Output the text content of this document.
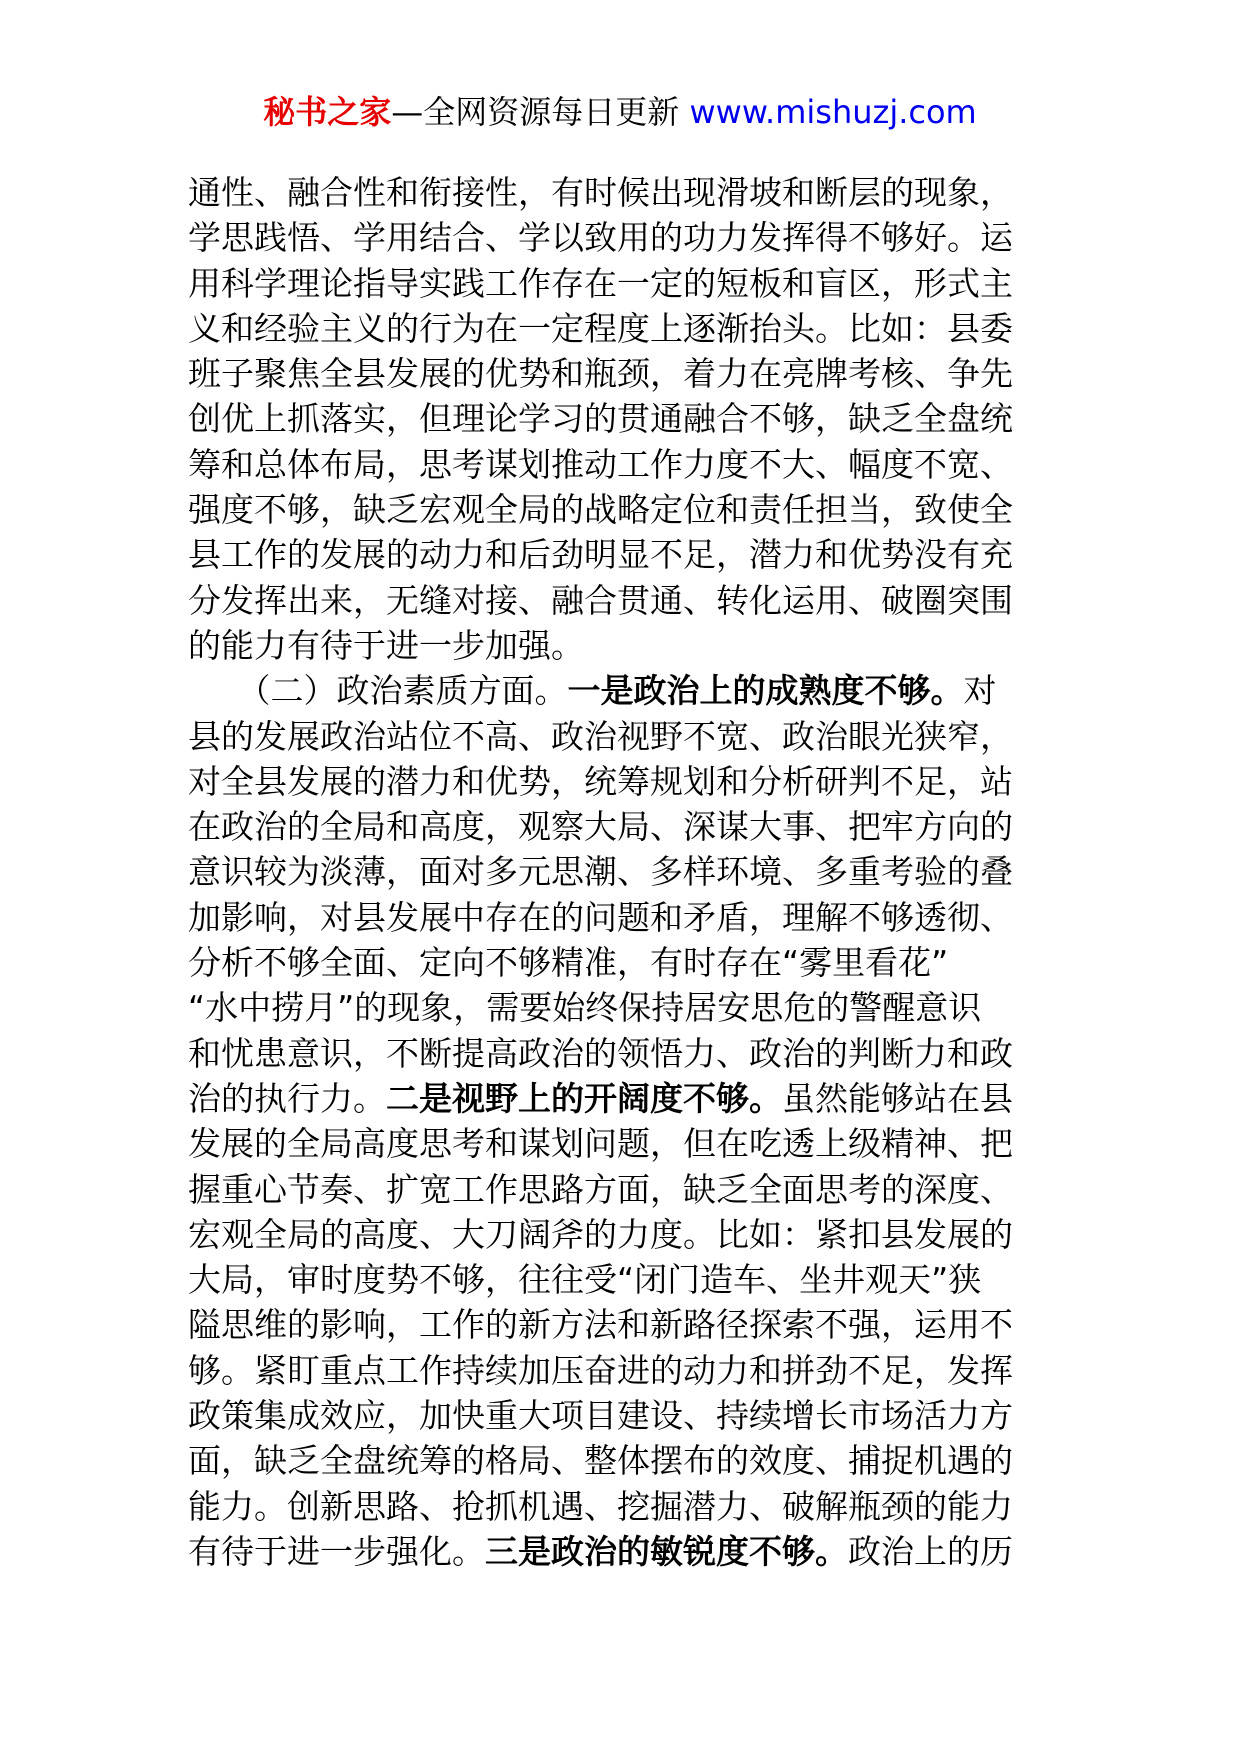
秘书之家—全网资源每日更新 www.mishuzj.com
通性、融合性和衔接性，有时候出现滑坡和断层的现象，
学思践悟、学用结合、学以致用的功力发挥得不够好。运
用科学理论指导实践工作存在一定的短板和盲区，形式主
义和经验主义的行为在一定程度上逐渐抬头。比如：县委
班子聚焦全县发展的优势和瓶颈，着力在亮牌考核、争先
创优上抓落实，但理论学习的贯通融合不够，缺乏全盘统
筹和总体布局，思考谋划推动工作力度不大、幅度不宽、
强度不够，缺乏宏观全局的战略定位和责任担当，致使全
县工作的发展的动力和后劲明显不足，潜力和优势没有充
分发挥出来，无缝对接、融合贯通、转化运用、破圈突围
的能力有待于进一步加强。
　　（二）政治素质方面。一是政治上的成熟度不够。对
县的发展政治站位不高、政治视野不宽、政治眼光狭窄，
对全县发展的潜力和优势，统筹规划和分析研判不足，站
在政治的全局和高度，观察大局、深谋大事、把牢方向的
意识较为淡薄，面对多元思潮、多样环境、多重考验的叠
加影响，对县发展中存在的问题和矛盾，理解不够透彻、
分析不够全面、定向不够精准，有时存在“雾里看花”
“水中捞月”的现象，需要始终保持居安思危的警醒意识
和忧患意识，不断提高政治的领悟力、政治的判断力和政
治的执行力。二是视野上的开阔度不够。虽然能够站在县
发展的全局高度思考和谋划问题，但在吃透上级精神、把
握重心节奏、扩宽工作思路方面，缺乏全面思考的深度、
宏观全局的高度、大刀阔斧的力度。比如：紧扣县发展的
大局，审时度势不够，往往受“闭门造车、坐井观天”狭
隘思维的影响，工作的新方法和新路径探索不强，运用不
够。紧盯重点工作持续加压奋进的动力和拼劲不足，发挥
政策集成效应，加快重大项目建设、持续增长市场活力方
面，缺乏全盘统筹的格局、整体摆布的效度、捕捉机遇的
能力。创新思路、抢抓机遇、挖掘潜力、破解瓶颈的能力
有待于进一步强化。三是政治的敏锐度不够。政治上的历
